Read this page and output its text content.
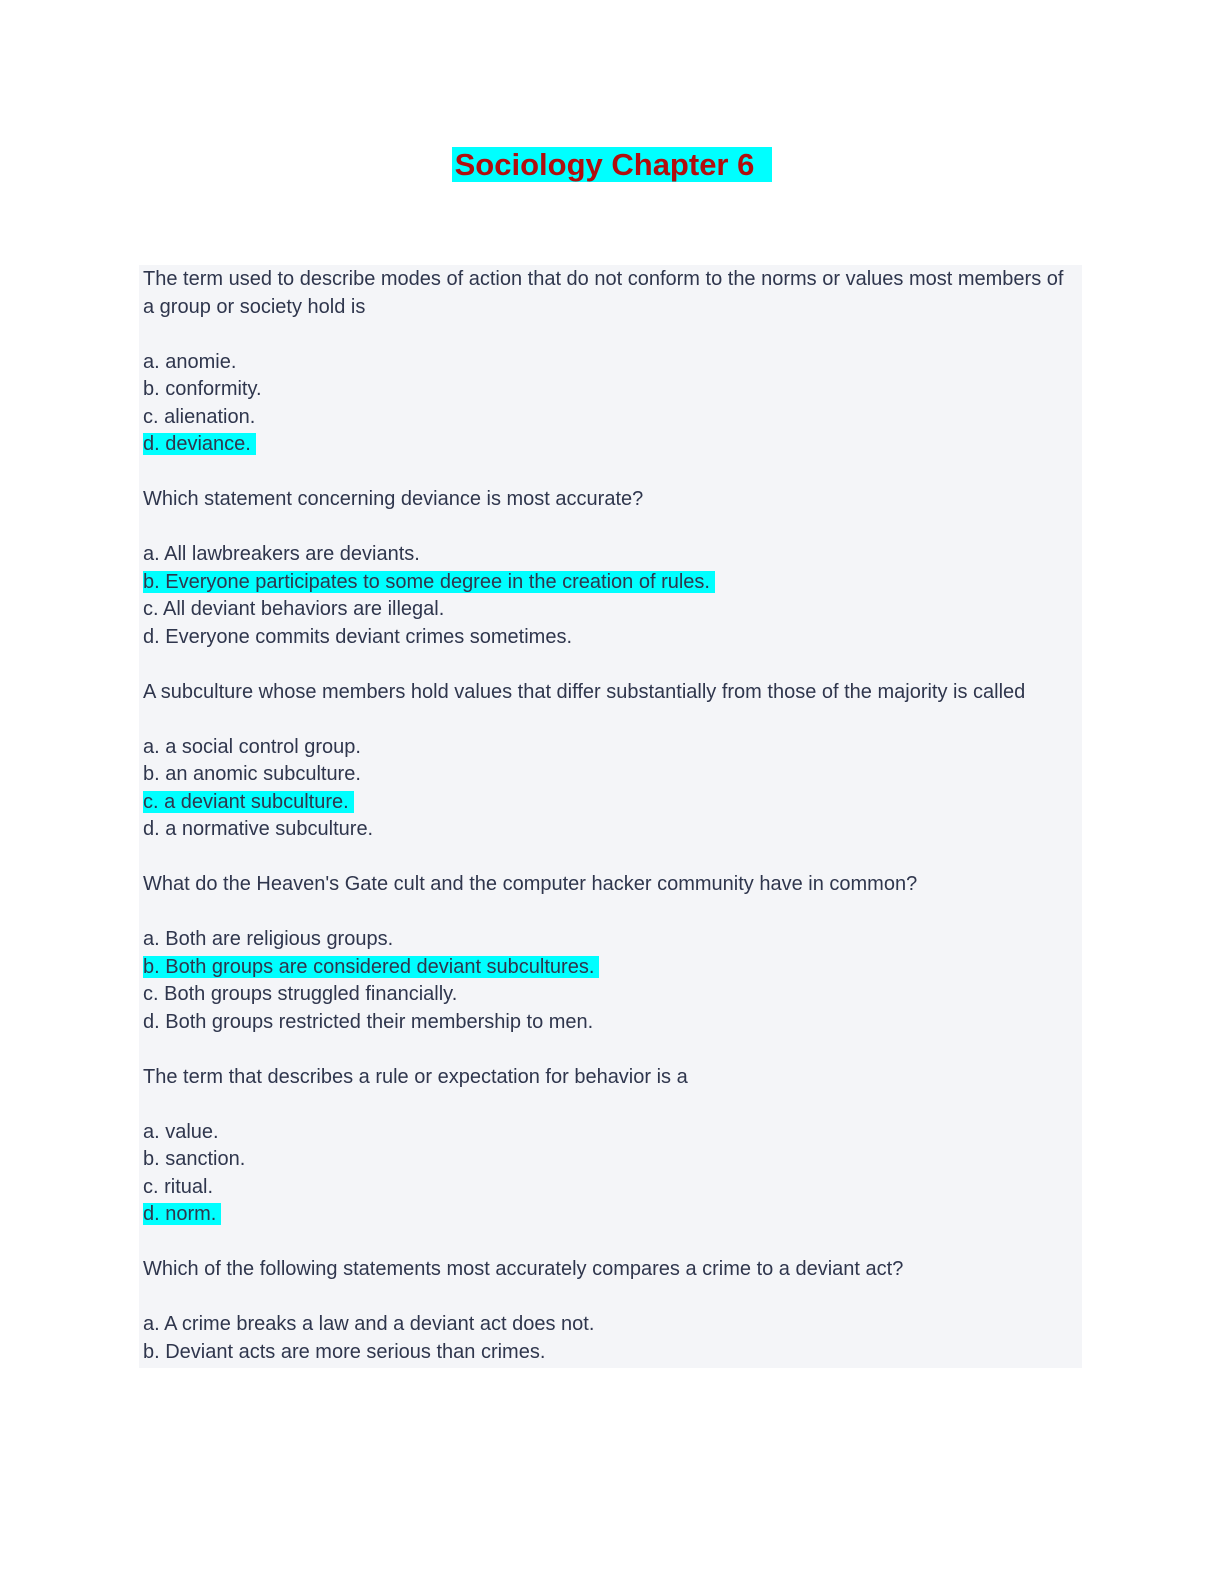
Sociology Chapter 6

The term used to describe modes of action that do not conform to the norms or values most members of a group or society hold is

a. anomie.
b. conformity.
c. alienation.
d. deviance.

Which statement concerning deviance is most accurate?

a. All lawbreakers are deviants.
b. Everyone participates to some degree in the creation of rules.
c. All deviant behaviors are illegal.
d. Everyone commits deviant crimes sometimes.

A subculture whose members hold values that differ substantially from those of the majority is called

a. a social control group.
b. an anomic subculture.
c. a deviant subculture.
d. a normative subculture.

What do the Heaven's Gate cult and the computer hacker community have in common?

a. Both are religious groups.
b. Both groups are considered deviant subcultures.
c. Both groups struggled financially.
d. Both groups restricted their membership to men.

The term that describes a rule or expectation for behavior is a

a. value.
b. sanction.
c. ritual.
d. norm.

Which of the following statements most accurately compares a crime to a deviant act?

a. A crime breaks a law and a deviant act does not.
b. Deviant acts are more serious than crimes.
